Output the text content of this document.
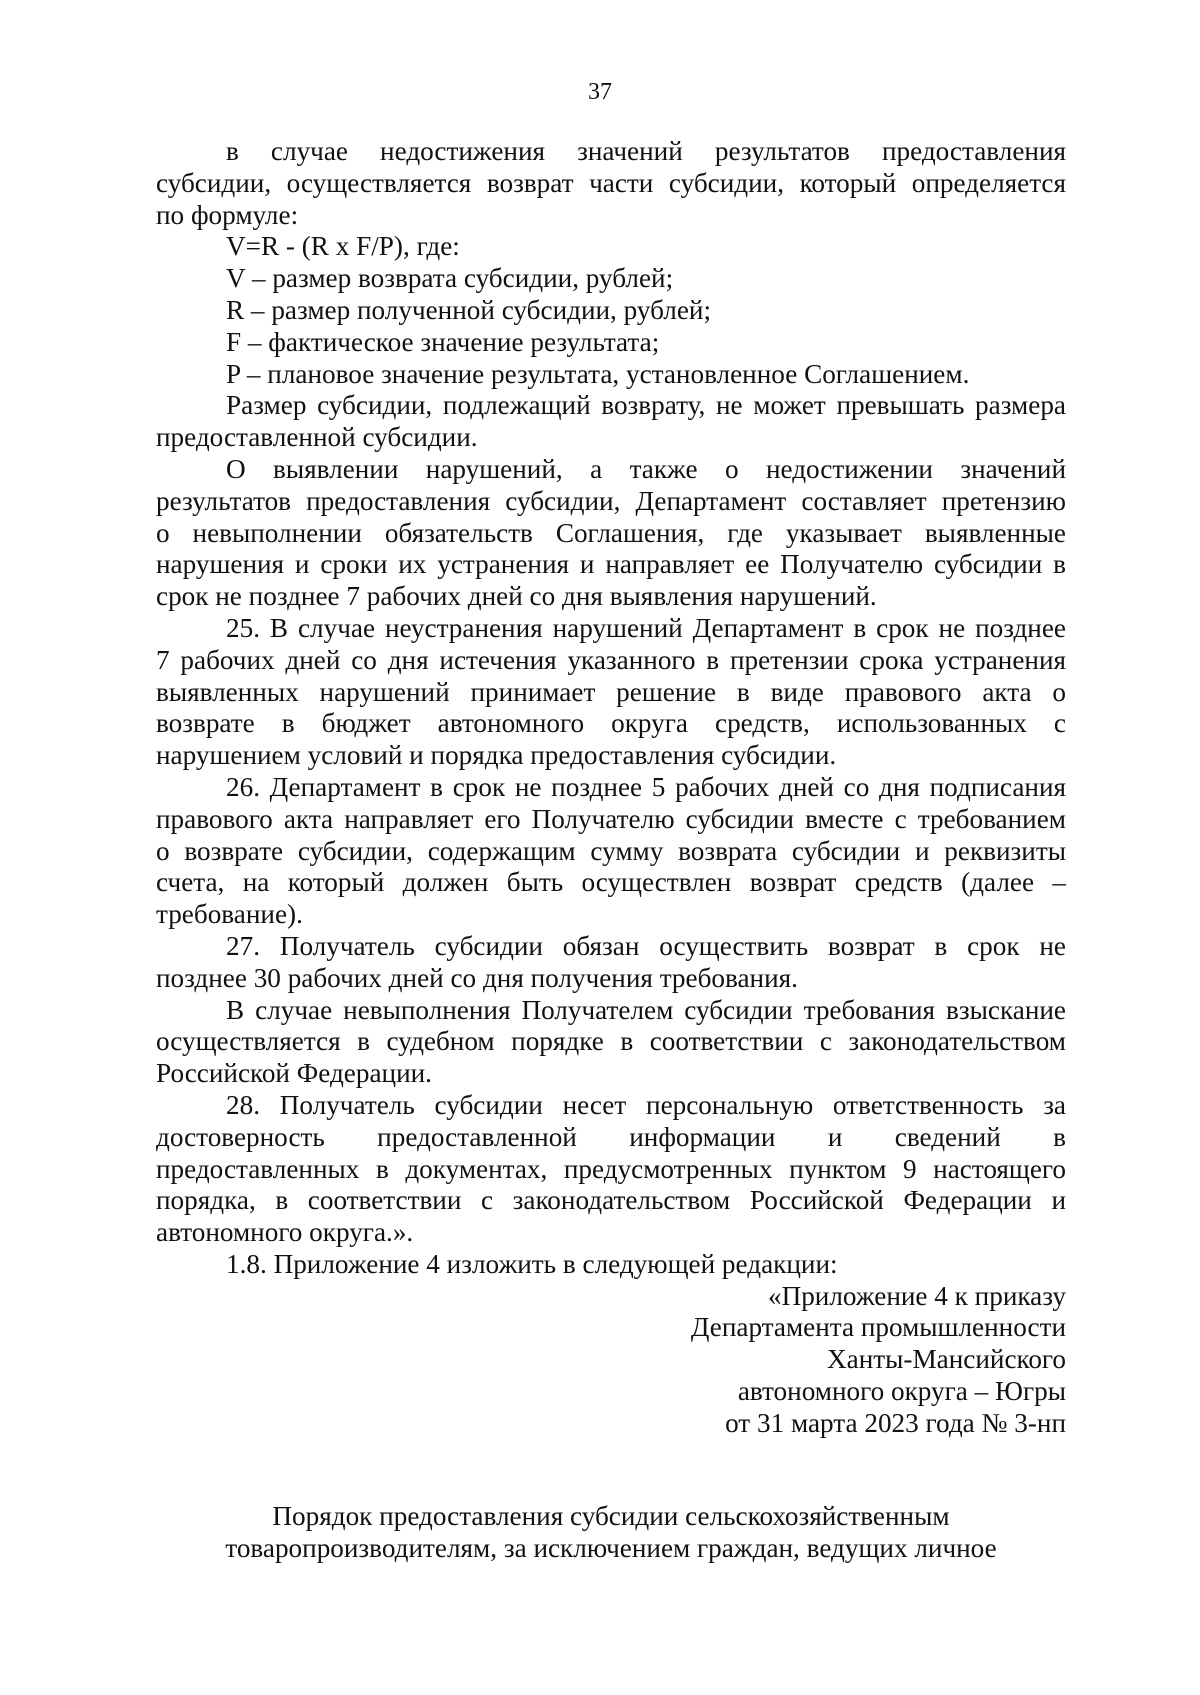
37
в случае недостижения значений результатов предоставления
субсидии, осуществляется возврат части субсидии, который определяется
по формуле:
V=R - (R x F/P), где:
V – размер возврата субсидии, рублей;
R – размер полученной субсидии, рублей;
F – фактическое значение результата;
P – плановое значение результата, установленное Соглашением.
Размер субсидии, подлежащий возврату, не может превышать размера
предоставленной субсидии.
О выявлении нарушений, а также о недостижении значений
результатов предоставления субсидии, Департамент составляет претензию
о невыполнении обязательств Соглашения, где указывает выявленные
нарушения и сроки их устранения и направляет ее Получателю субсидии в
срок не позднее 7 рабочих дней со дня выявления нарушений.
25. В случае неустранения нарушений Департамент в срок не позднее
7 рабочих дней со дня истечения указанного в претензии срока устранения
выявленных нарушений принимает решение в виде правового акта о
возврате в бюджет автономного округа средств, использованных с
нарушением условий и порядка предоставления субсидии.
26. Департамент в срок не позднее 5 рабочих дней со дня подписания
правового акта направляет его Получателю субсидии вместе с требованием
о возврате субсидии, содержащим сумму возврата субсидии и реквизиты
счета, на который должен быть осуществлен возврат средств (далее –
требование).
27. Получатель субсидии обязан осуществить возврат в срок не
позднее 30 рабочих дней со дня получения требования.
В случае невыполнения Получателем субсидии требования взыскание
осуществляется в судебном порядке в соответствии с законодательством
Российской Федерации.
28. Получатель субсидии несет персональную ответственность за
достоверность предоставленной информации и сведений в
предоставленных в документах, предусмотренных пунктом 9 настоящего
порядка, в соответствии с законодательством Российской Федерации и
автономного округа.».
1.8. Приложение 4 изложить в следующей редакции:
«Приложение 4 к приказу
Департамента промышленности
Ханты-Мансийского
автономного округа – Югры
от 31 марта 2023 года № 3-нп
Порядок предоставления субсидии сельскохозяйственным
товаропроизводителям, за исключением граждан, ведущих личное
